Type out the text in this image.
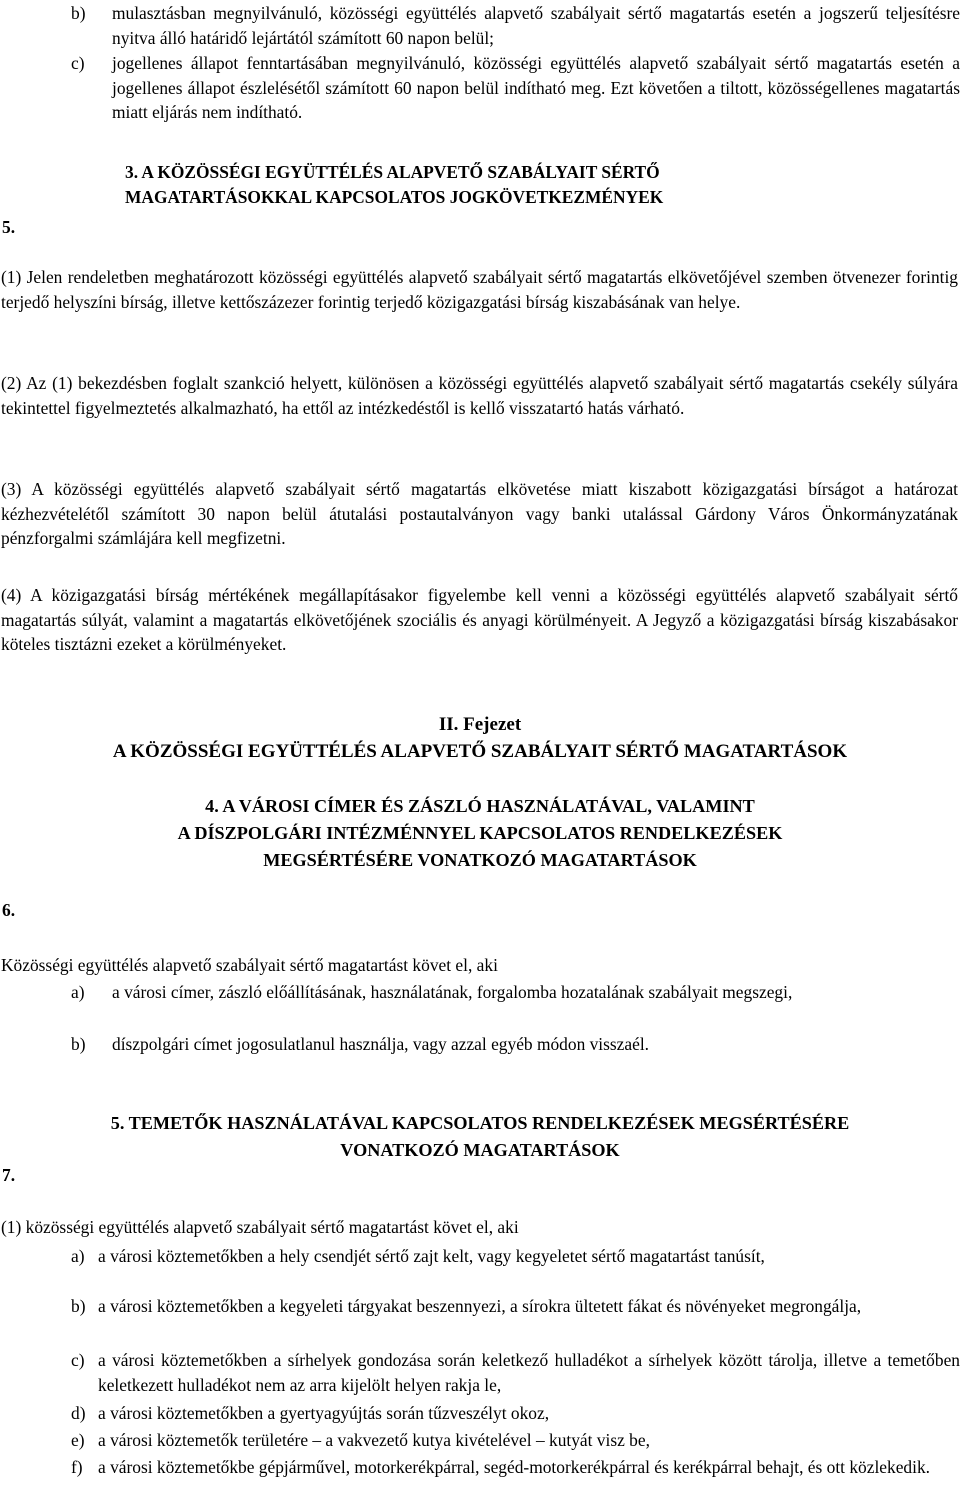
b)	mulasztásban megnyilvánuló, közösségi együttélés alapvető szabályait sértő magatartás esetén a jogszerű teljesítésre nyitva álló határidő lejártától számított 60 napon belül;
c)	jogellenes állapot fenntartásában megnyilvánuló, közösségi együttélés alapvető szabályait sértő magatartás esetén a jogellenes állapot észlelésétől számított 60 napon belül indítható meg. Ezt követően a tiltott, közösségellenes magatartás miatt eljárás nem indítható.
3. A KÖZÖSSÉGI EGYÜTTÉLÉS ALAPVETŐ SZABÁLYAIT SÉRTŐ
MAGATARTÁSOKKAL KAPCSOLATOS JOGKÖVETKEZMÉNYEK
5.
(1) Jelen rendeletben meghatározott közösségi együttélés alapvető szabályait sértő magatartás elkövetőjével szemben ötvenezer forintig terjedő helyszíni bírság, illetve kettőszázezer forintig terjedő közigazgatási bírság kiszabásának van helye.
(2) Az (1) bekezdésben foglalt szankció helyett, különösen a közösségi együttélés alapvető szabályait sértő magatartás csekély súlyára tekintettel figyelmeztetés alkalmazható, ha ettől az intézkedéstől is kellő visszatartó hatás várható.
(3) A közösségi együttélés alapvető szabályait sértő magatartás elkövetése miatt kiszabott közigazgatási bírságot a határozat kézhezvételétől számított 30 napon belül átutalási postautalványon vagy banki utalással Gárdony Város Önkormányzatának pénzforgalmi számlájára kell megfizetni.
(4) A közigazgatási bírság mértékének megállapításakor figyelembe kell venni a közösségi együttélés alapvető szabályait sértő magatartás súlyát, valamint a magatartás elkövetőjének szociális és anyagi körülményeit. A Jegyző a közigazgatási bírság kiszabásakor köteles tisztázni ezeket a körülményeket.
II. Fejezet
A KÖZÖSSÉGI EGYÜTTÉLÉS ALAPVETŐ SZABÁLYAIT SÉRTŐ MAGATARTÁSOK
4. A VÁROSI CÍMER ÉS ZÁSZLÓ HASZNÁLATÁVAL, VALAMINT
A DÍSZPOLGÁRI INTÉZMÉNNYEL KAPCSOLATOS RENDELKEZÉSEK
MEGSÉRTÉSÉRE VONATKOZÓ MAGATARTÁSOK
6.
Közösségi együttélés alapvető szabályait sértő magatartást követ el, aki
a)	a városi címer, zászló előállításának, használatának, forgalomba hozatalának szabályait megszegi,
b)	díszpolgári címet jogosulatlanul használja, vagy azzal egyéb módon visszaél.
5. TEMETŐK HASZNÁLATÁVAL KAPCSOLATOS RENDELKEZÉSEK MEGSÉRTÉSÉRE
VONATKOZÓ MAGATARTÁSOK
7.
(1) közösségi együttélés alapvető szabályait sértő magatartást követ el, aki
a) a városi köztemetőkben a hely csendjét sértő zajt kelt, vagy kegyeletet sértő magatartást tanúsít,
b) a városi köztemetőkben a kegyeleti tárgyakat beszennyezi, a sírokra ültetett fákat és növényeket megrongálja,
c) a városi köztemetőkben a sírhelyek gondozása során keletkező hulladékot a sírhelyek között tárolja, illetve a temetőben keletkezett hulladékot nem az arra kijelölt helyen rakja le,
d) a városi köztemetőkben a gyertyagyújtás során tűzveszélyt okoz,
e) a városi köztemetők területére – a vakvezető kutya kivételével – kutyát visz be,
f) a városi köztemetőkbe gépjárművel, motorkerékpárral, segéd-motorkerékpárral és kerékpárral behajt, és ott közlekedik.
